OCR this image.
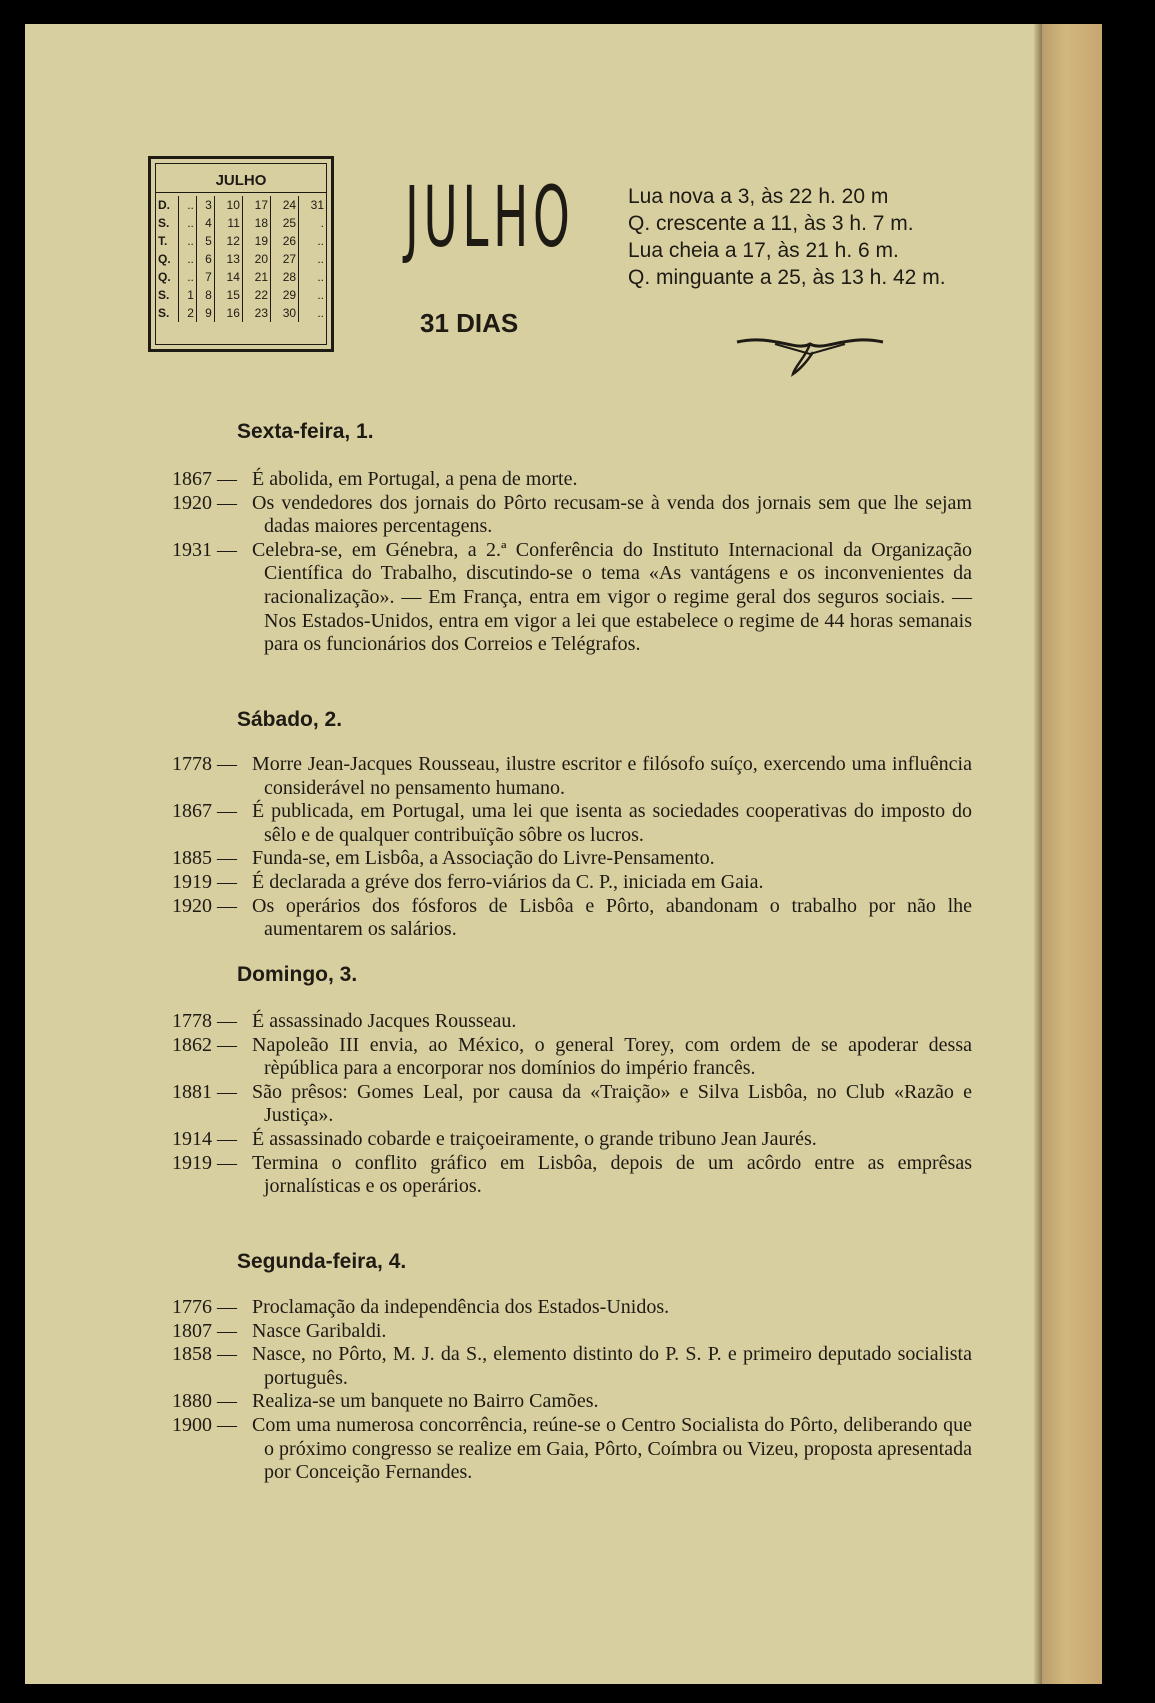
JULHO
D.	..	3	10	17	24	31
S.	..	4	11	18	25	.
T.	..	5	12	19	26	..
Q.	..	6	13	20	27	..
Q.	..	7	14	21	28	..
S.	1	8	15	22	29	..
S.	2	9	16	23	30	..
JULHO
31 DIAS
Lua nova a 3, às 22 h. 20 m
Q. crescente a 11, às 3 h. 7 m.
Lua cheia a 17, às 21 h. 6 m.
Q. minguante a 25, às 13 h. 42 m.
Sexta-feira, 1.
1867 — É abolida, em Portugal, a pena de morte.
1920 — Os vendedores dos jornais do Pôrto recusam-se à venda dos jornais sem que lhe sejam dadas maiores percentagens.
1931 — Celebra-se, em Génebra, a 2.ª Conferência do Instituto Internacional da Organização Científica do Trabalho, discutindo-se o tema «As vantágens e os inconvenientes da racionalização». — Em França, entra em vigor o regime geral dos seguros sociais. — Nos Estados-Unidos, entra em vigor a lei que estabelece o regime de 44 horas semanais para os funcionários dos Correios e Telégrafos.
Sábado, 2.
1778 — Morre Jean-Jacques Rousseau, ilustre escritor e filósofo suíço, exercendo uma influência considerável no pensamento humano.
1867 — É publicada, em Portugal, uma lei que isenta as sociedades cooperativas do imposto do sêlo e de qualquer contribuïção sôbre os lucros.
1885 — Funda-se, em Lisbôa, a Associação do Livre-Pensamento.
1919 — É declarada a gréve dos ferro-viários da C. P., iniciada em Gaia.
1920 — Os operários dos fósforos de Lisbôa e Pôrto, abandonam o trabalho por não lhe aumentarem os salários.
Domingo, 3.
1778 — É assassinado Jacques Rousseau.
1862 — Napoleão III envia, ao México, o general Torey, com ordem de se apoderar dessa rèpública para a encorporar nos domínios do império francês.
1881 — São prêsos: Gomes Leal, por causa da «Traição» e Silva Lisbôa, no Club «Razão e Justiça».
1914 — É assassinado cobarde e traiçoeiramente, o grande tribuno Jean Jaurés.
1919 — Termina o conflito gráfico em Lisbôa, depois de um acôrdo entre as emprêsas jornalísticas e os operários.
Segunda-feira, 4.
1776 — Proclamação da independência dos Estados-Unidos.
1807 — Nasce Garibaldi.
1858 — Nasce, no Pôrto, M. J. da S., elemento distinto do P. S. P. e primeiro deputado socialista português.
1880 — Realiza-se um banquete no Bairro Camões.
1900 — Com uma numerosa concorrência, reúne-se o Centro Socialista do Pôrto, deliberando que o próximo congresso se realize em Gaia, Pôrto, Coímbra ou Vizeu, proposta apresentada por Conceição Fernandes.
